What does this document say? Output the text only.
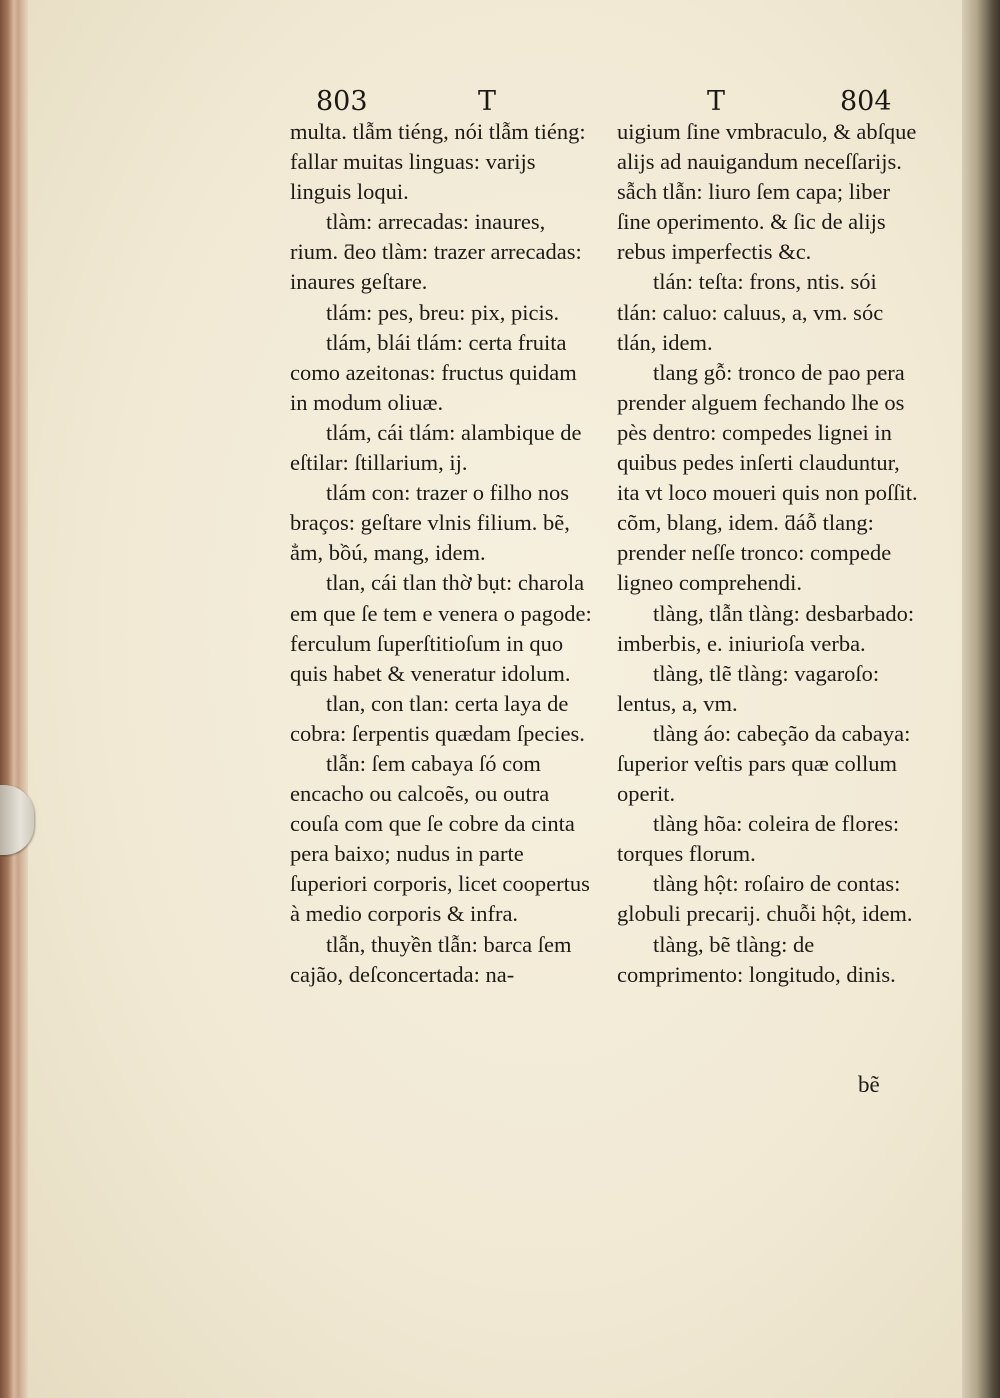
803	T	T	804

multa. tlẫm tiéng, nói tlẫm tiéng: fallar muitas linguas: varijs linguis loqui.

tlàm: arrecadas: inaures, rium. ƌeo tlàm: trazer arrecadas: inaures geſtare.

tlám: pes, breu: pix, picis.

tlám, blái tlám: certa fruita como azeitonas: fructus quidam in modum oliuæ.

tlám, cái tlám: alambique de eſtilar: ſtillarium, ij.

tlám con: trazer o filho nos braços: geſtare vlnis filium. bẽ, ẳm, bồú, mang, idem.

tlan, cái tlan thờ bụt: charola em que ſe tem e venera o pagode: ferculum ſuperſtitioſum in quo quis habet & veneratur idolum.

tlan, con tlan: certa laya de cobra: ſerpentis quædam ſpecies.

tlẫn: ſem cabaya ſó com encacho ou calcoẽs, ou outra couſa com que ſe cobre da cinta pera baixo; nudus in parte ſuperiori corporis, licet coopertus à medio corporis & infra.

tlẫn, thuyền tlẫn: barca ſem cajão, deſconcertada: na-

uigium ſine vmbraculo, & abſque alijs ad nauigandum neceſſarijs. sẫch tlẫn: liuro ſem capa; liber ſine operimento. & ſic de alijs rebus imperfectis &c.

tlán: teſta: frons, ntis. sói tlán: caluo: caluus, a, vm. sóc tlán, idem.

tlang gỗ: tronco de pao pera prender alguem fechando lhe os pès dentro: compedes lignei in quibus pedes inſerti clauduntur, ita vt loco moueri quis non poſſit. cõm, blang, idem. ƌáỗ tlang: prender neſſe tronco: compede ligneo comprehendi.

tlàng, tlẫn tlàng: desbarbado: imberbis, e. iniurioſa verba.

tlàng, tlẽ tlàng: vagaroſo: lentus, a, vm.

tlàng áo: cabeção da cabaya: ſuperior veſtis pars quæ collum operit.

tlàng hõa: coleira de flores: torques florum.

tlàng hột: roſairo de contas: globuli precarij. chuỗi hột, idem.

tlàng, bẽ tlàng: de comprimento: longitudo, dinis.

bẽ
